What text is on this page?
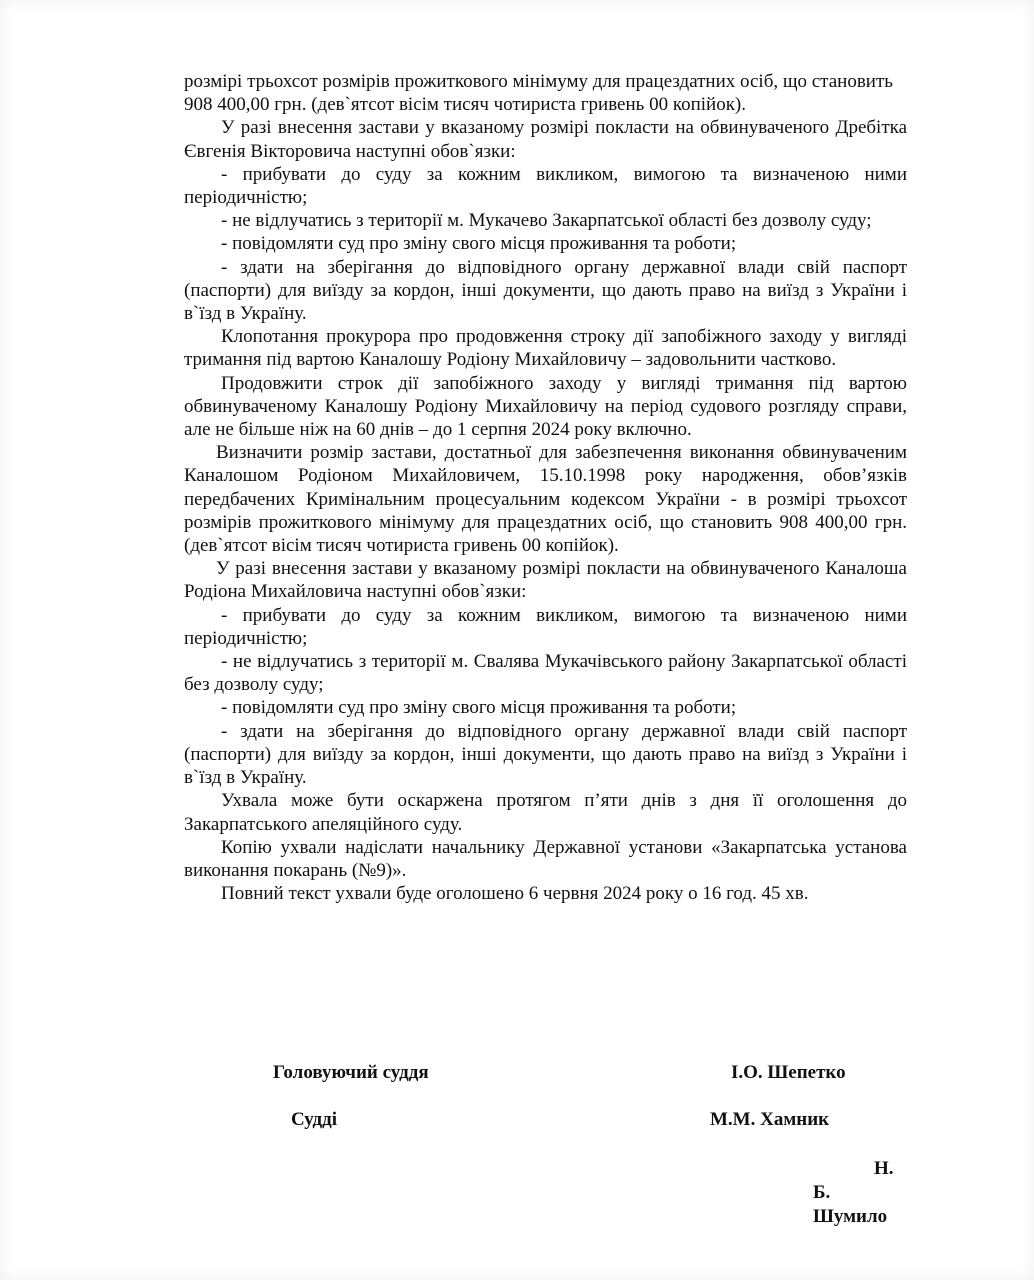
розмірі трьохсот розмірів прожиткового мінімуму для працездатних осіб, що становить 908 400,00 грн. (дев`ятсот вісім тисяч чотириста гривень 00 копійок).

У разі внесення застави у вказаному розмірі покласти на обвинуваченого Дребітка Євгенія Вікторовича наступні обов`язки:

- прибувати до суду за кожним викликом, вимогою та визначеною ними періодичністю;

- не відлучатись з території м. Мукачево Закарпатської області без дозволу суду;

- повідомляти суд про зміну свого місця проживання та роботи;

- здати на зберігання до відповідного органу державної влади свій паспорт (паспорти) для виїзду за кордон, інші документи, що дають право на виїзд з України і в`їзд в Україну.

Клопотання прокурора про продовження строку дії запобіжного заходу у вигляді тримання під вартою Каналошу Родіону Михайловичу – задовольнити частково.

Продовжити строк дії запобіжного заходу у вигляді тримання під вартою обвинуваченому Каналошу Родіону Михайловичу на період судового розгляду справи, але не більше ніж на 60 днів – до 1 серпня 2024 року включно.

Визначити розмір застави, достатньої для забезпечення виконання обвинуваченим Каналошом Родіоном Михайловичем, 15.10.1998 року народження, обов’язків передбачених Кримінальним процесуальним кодексом України - в розмірі трьохсот розмірів прожиткового мінімуму для працездатних осіб, що становить 908 400,00 грн. (дев`ятсот вісім тисяч чотириста гривень 00 копійок).

У разі внесення застави у вказаному розмірі покласти на обвинуваченого Каналоша Родіона Михайловича наступні обов`язки:

- прибувати до суду за кожним викликом, вимогою та визначеною ними періодичністю;

- не відлучатись з території м. Свалява Мукачівського району Закарпатської області без дозволу суду;

- повідомляти суд про зміну свого місця проживання та роботи;

- здати на зберігання до відповідного органу державної влади свій паспорт (паспорти) для виїзду за кордон, інші документи, що дають право на виїзд з України і в`їзд в Україну.

Ухвала може бути оскаржена протягом п’яти днів з дня її оголошення до Закарпатського апеляційного суду.

Копію ухвали надіслати начальнику Державної установи «Закарпатська установа виконання покарань (№9)».

Повний текст ухвали буде оголошено 6 червня 2024 року о 16 год. 45 хв.

Головуючий суддя	І.О. Шепетко
Судді	М.М. Хамник
Н.
Б.
Шумило
